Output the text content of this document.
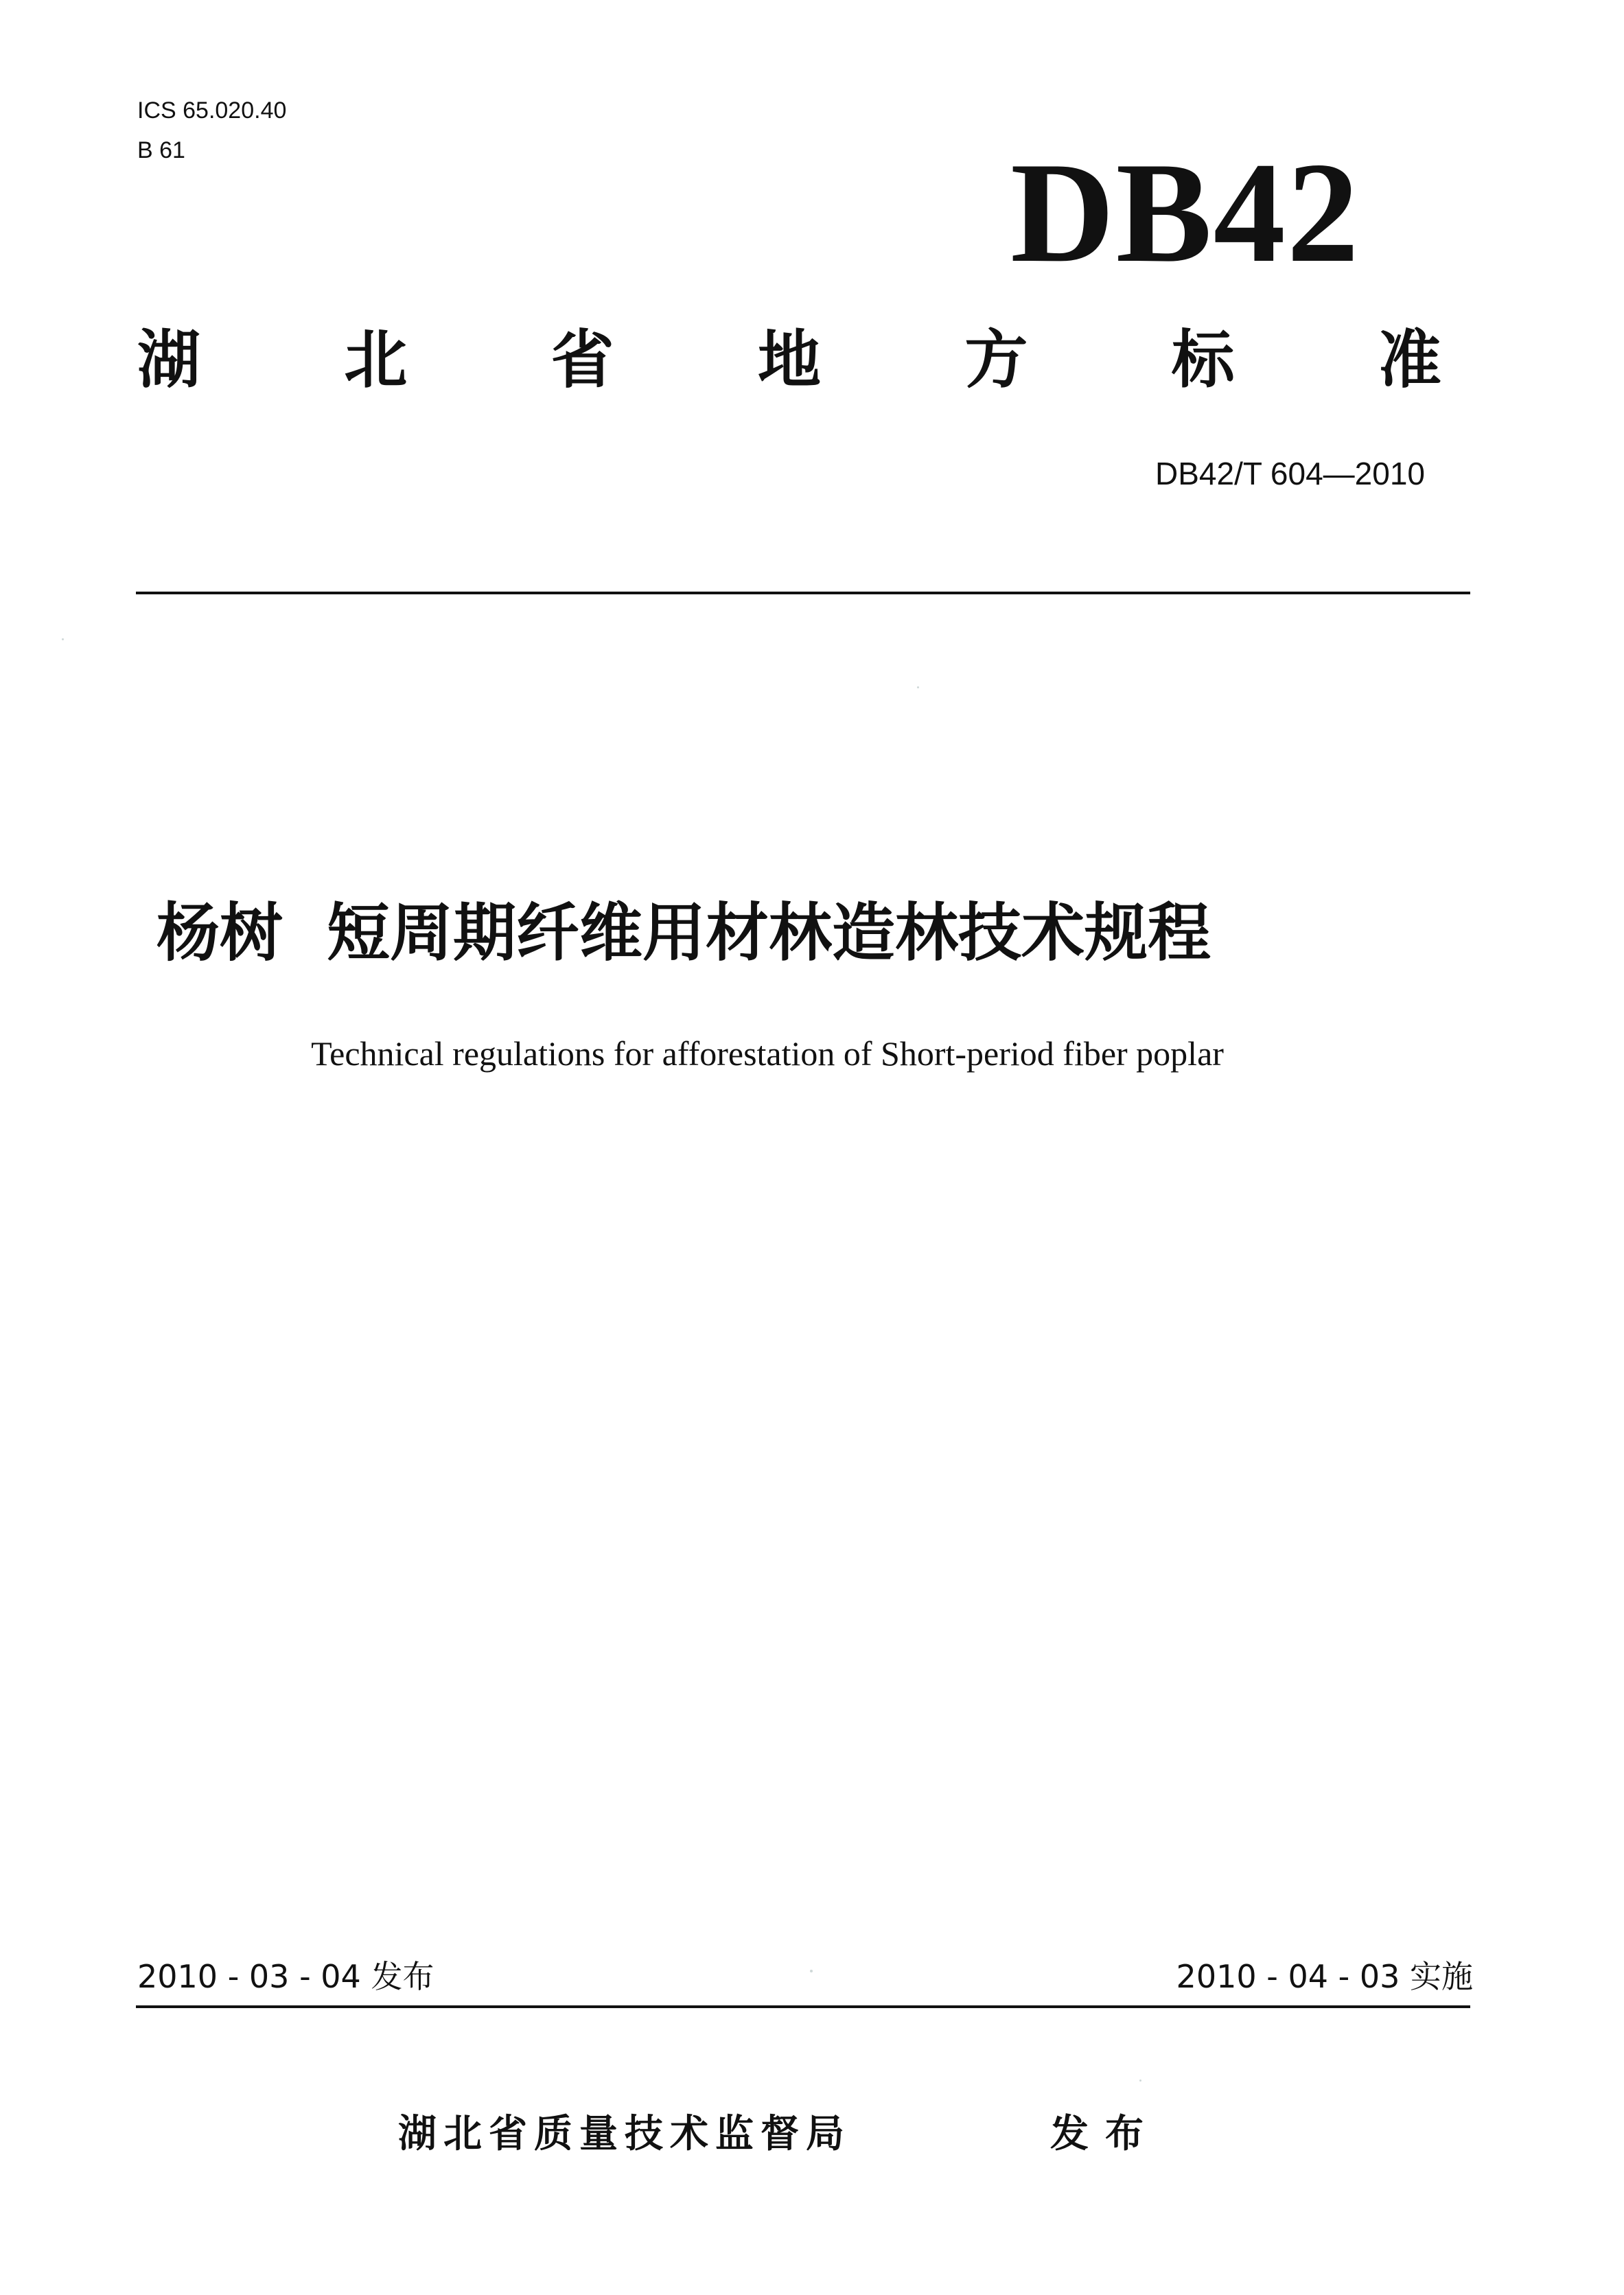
ICS 65.020.40
B 61	DB42
湖 北 省 地 方 标 准
DB42/T 604—2010
杨树  短周期纤维用材林造林技术规程
Technical regulations for afforestation of Short-period fiber poplar
2010 - 03 - 04 发布	2010 - 04 - 03 实施
湖北省质量技术监督局	发布
